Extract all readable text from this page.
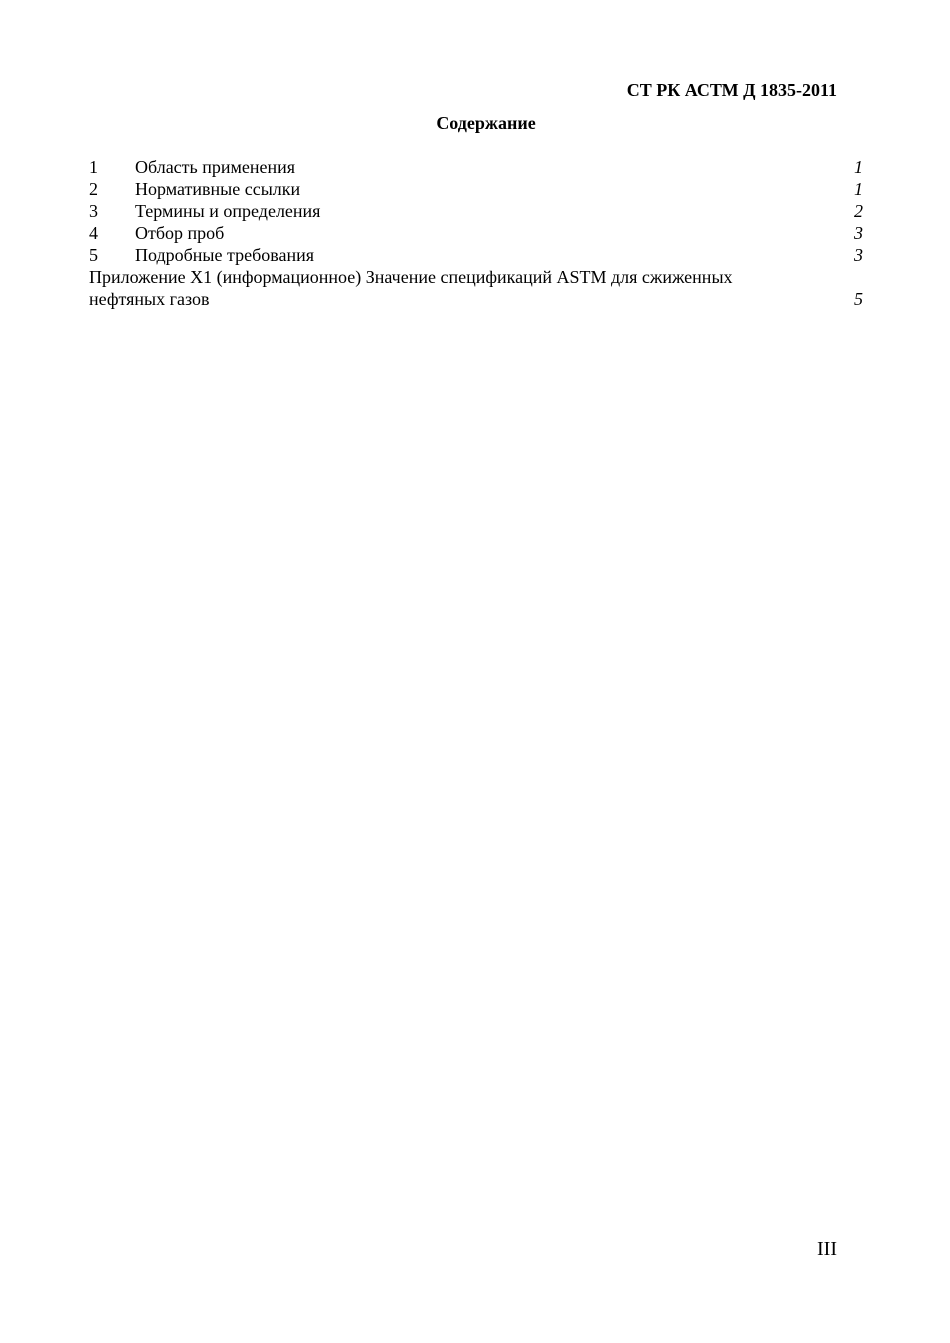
СТ РК АСТМ Д 1835-2011
Содержание
1 Область применения	1
2 Нормативные ссылки	1
3 Термины и определения	2
4 Отбор проб	3
5 Подробные требования	3
Приложение Х1 (информационное) Значение спецификаций ASTM для сжиженных
нефтяных газов	5
III
